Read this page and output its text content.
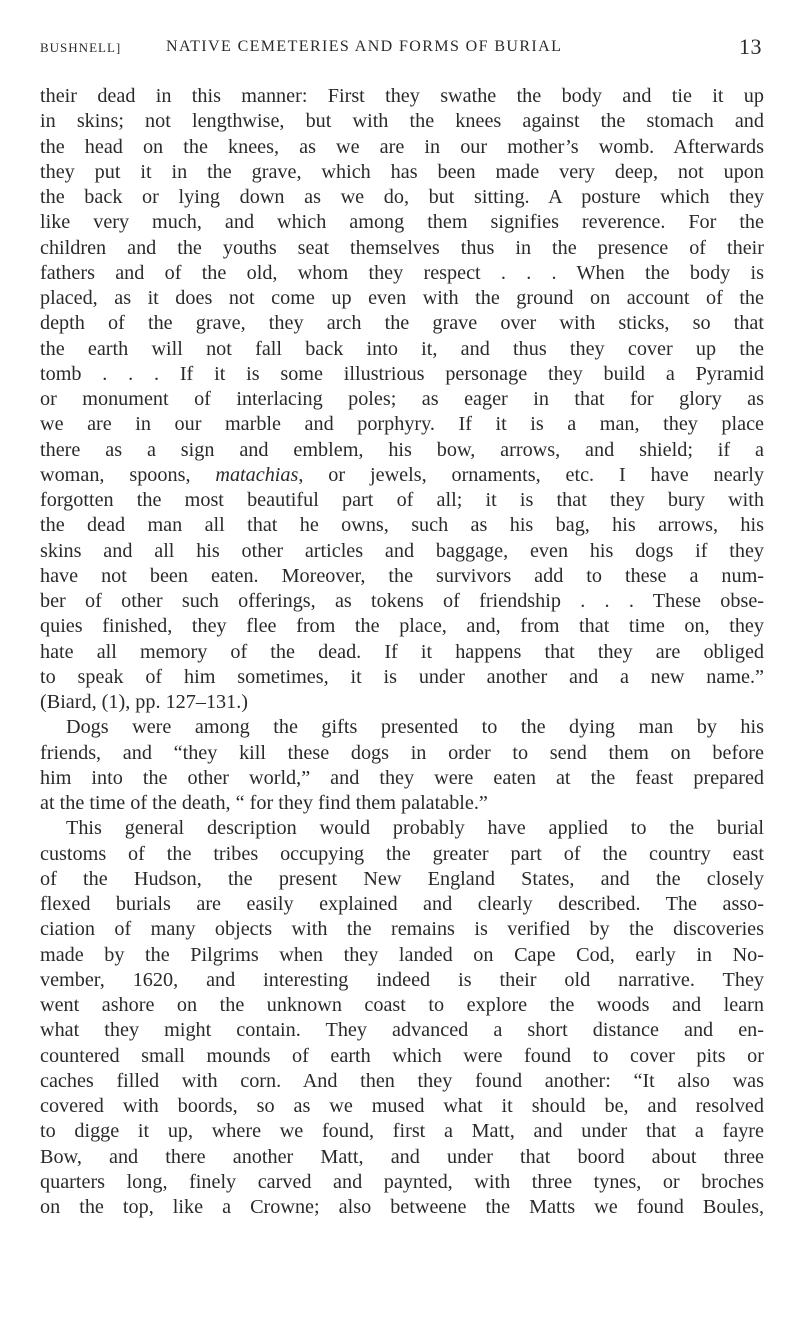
BUSHNELL]	NATIVE CEMETERIES AND FORMS OF BURIAL	13
their dead in this manner: First they swathe the body and tie it up
in skins; not lengthwise, but with the knees against the stomach and
the head on the knees, as we are in our mother’s womb. Afterwards
they put it in the grave, which has been made very deep, not upon
the back or lying down as we do, but sitting. A posture which they
like very much, and which among them signifies reverence. For the
children and the youths seat themselves thus in the presence of their
fathers and of the old, whom they respect . . . When the body is
placed, as it does not come up even with the ground on account of the
depth of the grave, they arch the grave over with sticks, so that
the earth will not fall back into it, and thus they cover up the
tomb . . . If it is some illustrious personage they build a Pyramid
or monument of interlacing poles; as eager in that for glory as
we are in our marble and porphyry. If it is a man, they place
there as a sign and emblem, his bow, arrows, and shield; if a
woman, spoons, matachias, or jewels, ornaments, etc. I have nearly
forgotten the most beautiful part of all; it is that they bury with
the dead man all that he owns, such as his bag, his arrows, his
skins and all his other articles and baggage, even his dogs if they
have not been eaten. Moreover, the survivors add to these a num-
ber of other such offerings, as tokens of friendship . . . These obse-
quies finished, they flee from the place, and, from that time on, they
hate all memory of the dead. If it happens that they are obliged
to speak of him sometimes, it is under another and a new name.”
(Biard, (1), pp. 127–131.)
Dogs were among the gifts presented to the dying man by his
friends, and “they kill these dogs in order to send them on before
him into the other world,” and they were eaten at the feast prepared
at the time of the death, “ for they find them palatable.”
This general description would probably have applied to the burial
customs of the tribes occupying the greater part of the country east
of the Hudson, the present New England States, and the closely
flexed burials are easily explained and clearly described. The asso-
ciation of many objects with the remains is verified by the discoveries
made by the Pilgrims when they landed on Cape Cod, early in No-
vember, 1620, and interesting indeed is their old narrative. They
went ashore on the unknown coast to explore the woods and learn
what they might contain. They advanced a short distance and en-
countered small mounds of earth which were found to cover pits or
caches filled with corn. And then they found another: “It also was
covered with boords, so as we mused what it should be, and resolved
to digge it up, where we found, first a Matt, and under that a fayre
Bow, and there another Matt, and under that boord about three
quarters long, finely carved and paynted, with three tynes, or broches
on the top, like a Crowne; also betweene the Matts we found Boules,
